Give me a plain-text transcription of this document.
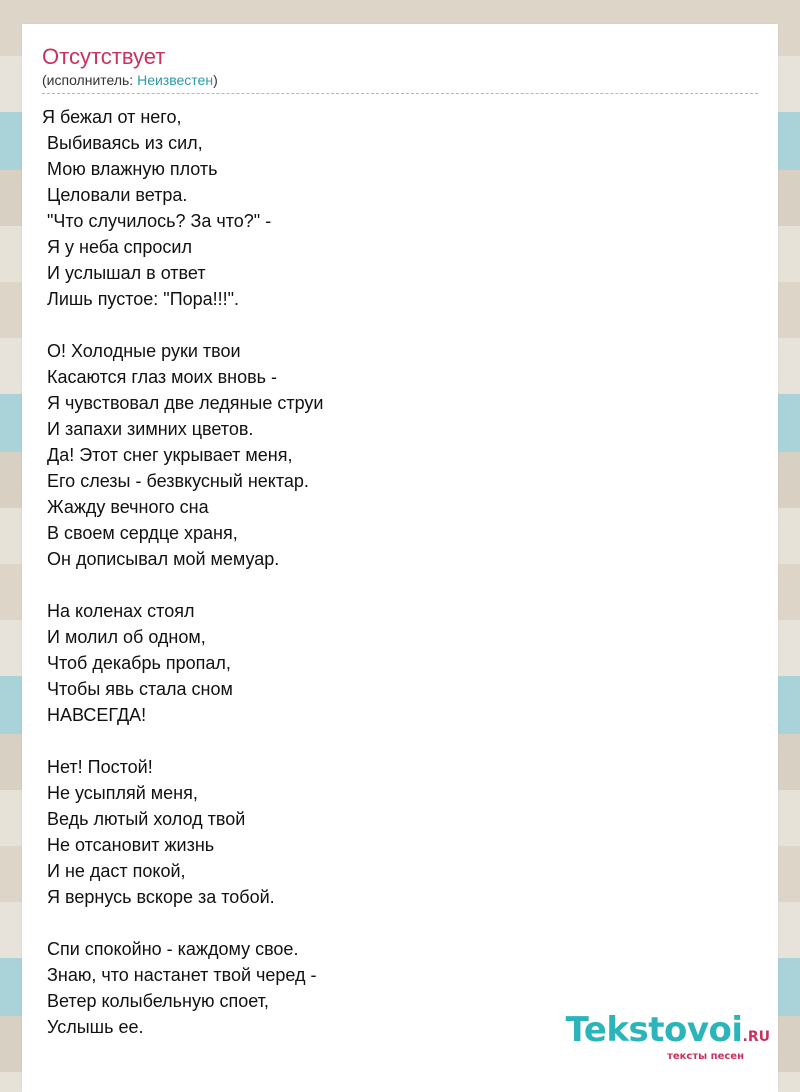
Отсутствует
(исполнитель: Неизвестен)
Я бежал от него,
Выбиваясь из сил,
Мою влажную плоть
Целовали ветра.
"Что случилось? За что?" -
Я у неба спросил
И услышал в ответ
Лишь пустое: "Пора!!!".
О! Холодные руки твои
Касаются глаз моих вновь -
Я чувствовал две ледяные струи
И запахи зимних цветов.
Да! Этот снег укрывает меня,
Его слезы - безвкусный нектар.
Жажду вечного сна
В своем сердце храня,
Он дописывал мой мемуар.
На коленах стоял
И молил об одном,
Чтоб декабрь пропал,
Чтобы явь стала сном
НАВСЕГДА!
Нет! Постой!
Не усыпляй меня,
Ведь лютый холод твой
Не отсановит жизнь
И не даст покой,
Я вернусь вскоре за тобой.
Спи спокойно - каждому свое.
Знаю, что настанет твой черед -
Ветер колыбельную споет,
Услышь ее.	Tekstovoi.RU
тексты песен
